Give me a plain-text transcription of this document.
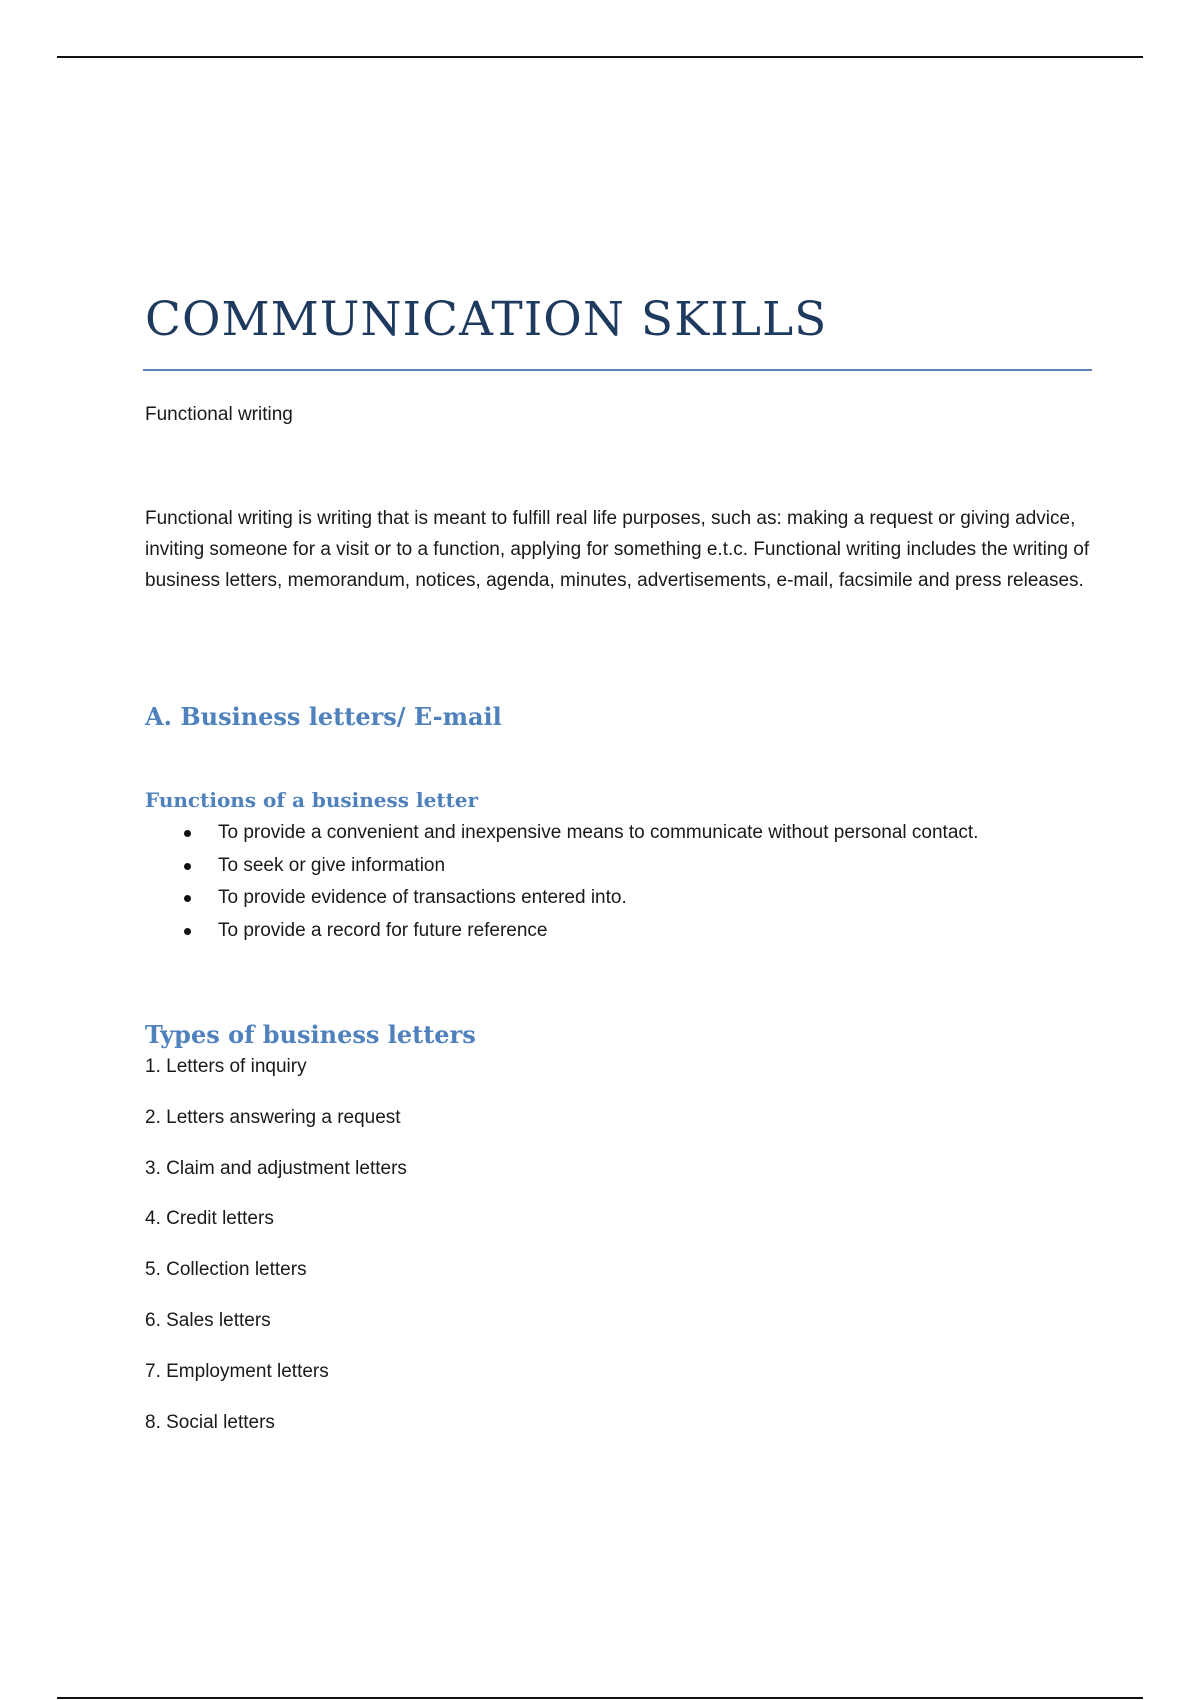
COMMUNICATION SKILLS

Functional writing

Functional writing is writing that is meant to fulfill real life purposes, such as: making a request or giving advice, inviting someone for a visit or to a function, applying for something e.t.c. Functional writing includes the writing of business letters, memorandum, notices, agenda, minutes, advertisements, e-mail, facsimile and press releases.

A. Business letters/ E-mail
Functions of a business letter
To provide a convenient and inexpensive means to communicate without personal contact.
To seek or give information
To provide evidence of transactions entered into.
To provide a record for future reference
Types of business letters
1. Letters of inquiry
2. Letters answering a request
3. Claim and adjustment letters
4. Credit letters
5. Collection letters
6. Sales letters
7. Employment letters
8. Social letters
